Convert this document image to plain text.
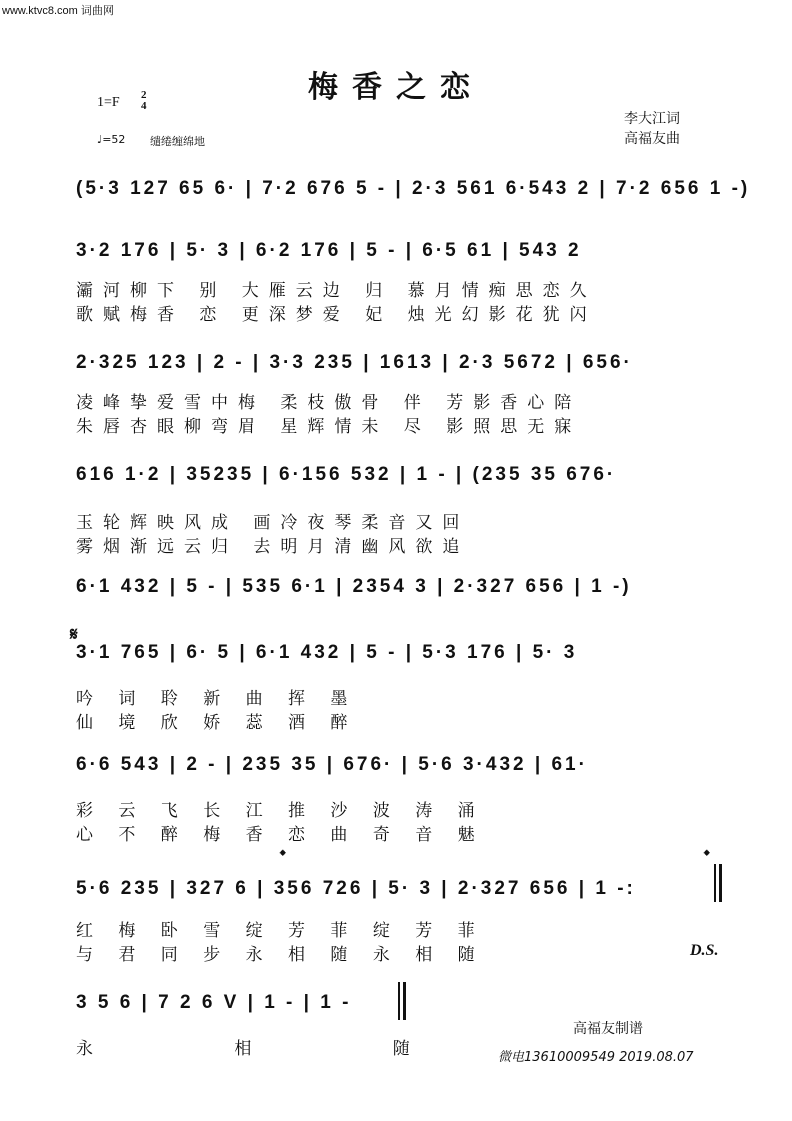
www.ktvc8.com 词曲网
梅香之恋
1=F 2
4
♩=52 缱绻缠绵地
李大江词
高福友曲
(5·3 127 65 6· | 7·2 676 5 - | 2·3 561 6·543 2 | 7·2 656 1 -)
3·2 176 | 5· 3 | 6·2 176 | 5 - | 6·5 61 | 543 2
灞河柳下 别 大雁云边 归 慕月情痴思恋久
歌赋梅香 恋 更深梦爱 妃 烛光幻影花犹闪
2·325 123 | 2 - | 3·3 235 | 1613 | 2·3 5672 | 656·
凌峰挚爱雪中梅 柔枝傲骨 伴 芳影香心陪
朱唇杏眼柳弯眉 星辉情未 尽 影照思无寐
616 1·2 | 35235 | 6·156 532 | 1 - | (235 35 676·
玉轮辉映风成 画冷夜琴柔音又回
雾烟渐远云归 去明月清幽风欲追
6·1 432 | 5 - | 535 6·1 | 2354 3 | 2·327 656 | 1 -)
𝄋
3·1 765 | 6· 5 | 6·1 432 | 5 - | 5·3 176 | 5· 3
吟 词 聆 新 曲 挥 墨
仙 境 欣 娇 蕊 酒 醉
6·6 543 | 2 - | 235 35 | 676· | 5·6 3·432 | 61·
彩 云 飞 长 江 推 沙 波 涛 涌
心 不 醉 梅 香 恋 曲 奇 音 魅
𝄌	𝄌
5·6 235 | 327 6 | 356 726 | 5· 3 | 2·327 656 | 1 -:
红 梅 卧 雪 绽 芳 菲 绽 芳 菲
与 君 同 步 永 相 随 永 相 随	D.S.
3 5 6 | 7 2 6 V | 1 - | 1 -
永 相 随
高福友制谱
微电13610009549 2019.08.07
